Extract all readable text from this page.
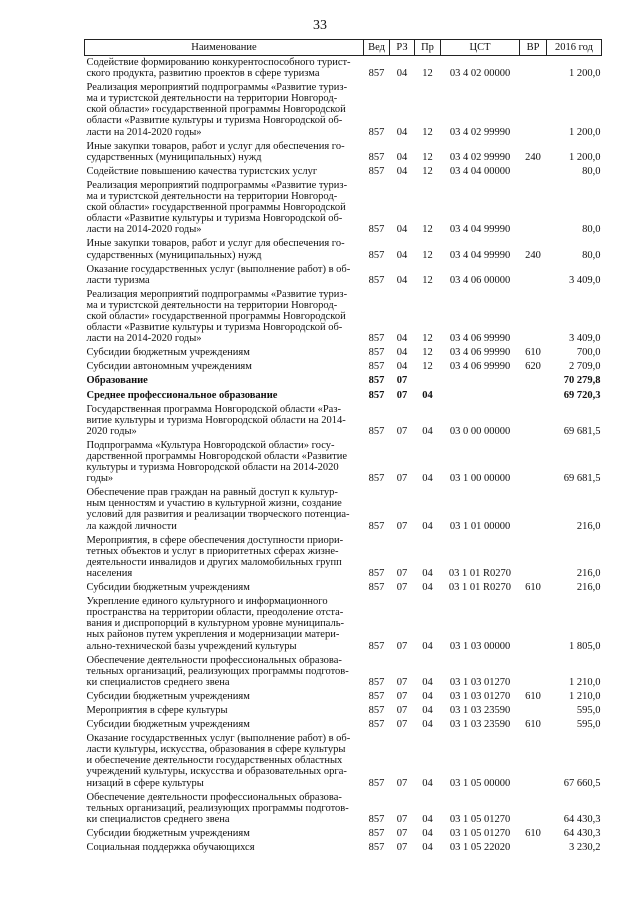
33
Наименование	Вед	РЗ	Пр	ЦСТ	ВР	2016 год

Содействие формированию конкурентоспособного турист-
ского продукта, развитию проектов в сфере туризма	857	04	12	03 4 02 00000		1 200,0

Реализация мероприятий подпрограммы «Развитие туриз-
ма и туристской деятельности на территории Новгород-
ской области» государственной программы Новгородской
области «Развитие культуры и туризма Новгородской об-
ласти на 2014-2020 годы»	857	04	12	03 4 02 99990		1 200,0

Иные закупки товаров, работ и услуг для обеспечения го-
сударственных (муниципальных) нужд	857	04	12	03 4 02 99990	240	1 200,0

Содействие повышению качества туристских услуг	857	04	12	03 4 04 00000		80,0

Реализация мероприятий подпрограммы «Развитие туриз-
ма и туристской деятельности на территории Новгород-
ской области» государственной программы Новгородской
области «Развитие культуры и туризма Новгородской об-
ласти на 2014-2020 годы»	857	04	12	03 4 04 99990		80,0

Иные закупки товаров, работ и услуг для обеспечения го-
сударственных (муниципальных) нужд	857	04	12	03 4 04 99990	240	80,0

Оказание государственных услуг (выполнение работ) в об-
ласти туризма	857	04	12	03 4 06 00000		3 409,0

Реализация мероприятий подпрограммы «Развитие туриз-
ма и туристской деятельности на территории Новгород-
ской области» государственной программы Новгородской
области «Развитие культуры и туризма Новгородской об-
ласти на 2014-2020 годы»	857	04	12	03 4 06 99990		3 409,0

Субсидии бюджетным учреждениям	857	04	12	03 4 06 99990	610	700,0

Субсидии автономным учреждениям	857	04	12	03 4 06 99990	620	2 709,0

Образование	857	07				70 279,8

Среднее профессиональное образование	857	07	04			69 720,3

Государственная программа Новгородской области «Раз-
витие культуры и туризма Новгородской области на 2014-
2020 годы»	857	07	04	03 0 00 00000		69 681,5

Подпрограмма «Культура Новгородской области» госу-
дарственной программы Новгородской области «Развитие
культуры и туризма Новгородской области на 2014-2020
годы»	857	07	04	03 1 00 00000		69 681,5

Обеспечение прав граждан на равный доступ к культур-
ным ценностям и участию в культурной жизни, создание
условий для развития и реализации творческого потенциа-
ла каждой личности	857	07	04	03 1 01 00000		216,0

Мероприятия, в сфере обеспечения доступности приори-
тетных объектов и услуг в приоритетных сферах жизне-
деятельности инвалидов и других маломобильных групп
населения	857	07	04	03 1 01 R0270		216,0

Субсидии бюджетным учреждениям	857	07	04	03 1 01 R0270	610	216,0

Укрепление единого культурного и информационного
пространства на территории области, преодоление отста-
вания и диспропорций в культурном уровне муниципаль-
ных районов путем укрепления и модернизации матери-
ально-технической базы учреждений культуры	857	07	04	03 1 03 00000		1 805,0

Обеспечение деятельности профессиональных образова-
тельных организаций, реализующих программы подготов-
ки специалистов среднего звена	857	07	04	03 1 03 01270		1 210,0

Субсидии бюджетным учреждениям	857	07	04	03 1 03 01270	610	1 210,0

Мероприятия в сфере культуры	857	07	04	03 1 03 23590		595,0

Субсидии бюджетным учреждениям	857	07	04	03 1 03 23590	610	595,0

Оказание государственных услуг (выполнение работ) в об-
ласти культуры, искусства, образования в сфере культуры
и обеспечение деятельности государственных областных
учреждений культуры, искусства и образовательных орга-
низаций в сфере культуры	857	07	04	03 1 05 00000		67 660,5

Обеспечение деятельности профессиональных образова-
тельных организаций, реализующих программы подготов-
ки специалистов среднего звена	857	07	04	03 1 05 01270		64 430,3

Субсидии бюджетным учреждениям	857	07	04	03 1 05 01270	610	64 430,3

Социальная поддержка обучающихся	857	07	04	03 1 05 22020		3 230,2
